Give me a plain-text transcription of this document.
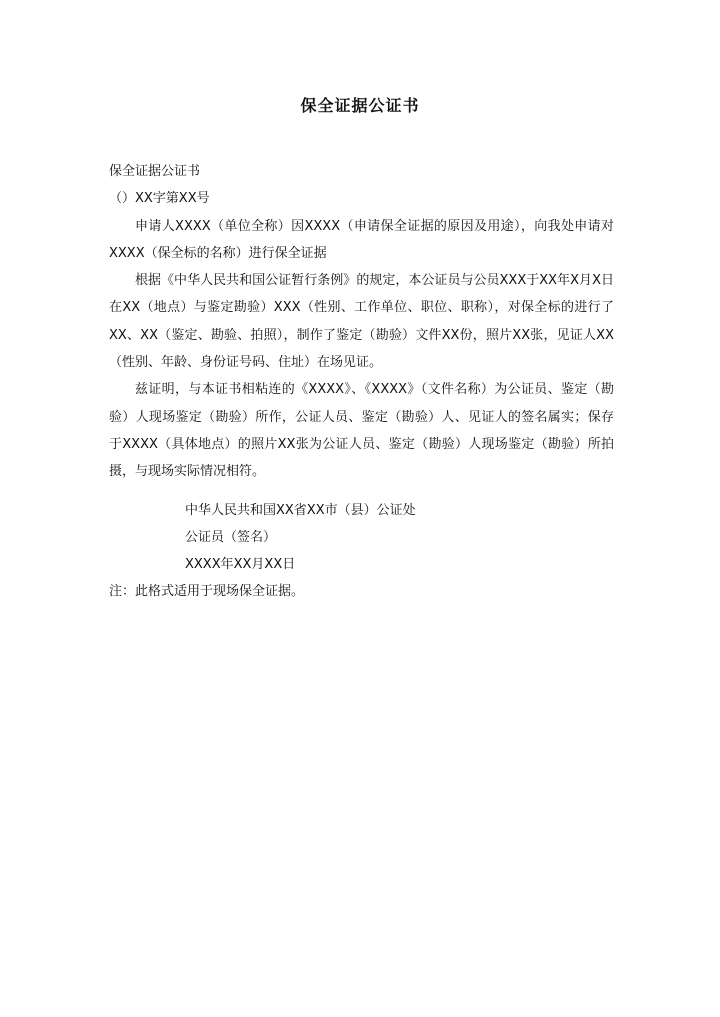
保全证据公证书
保全证据公证书
（）XX字第XX号
申请人XXXX（单位全称）因XXXX（申请保全证据的原因及用途），向我处申请对XXXX（保全标的名称）进行保全证据
根据《中华人民共和国公证暂行条例》的规定，本公证员与公员XXX于XX年X月X日在XX（地点）与鉴定勘验）XXX（性别、工作单位、职位、职称），对保全标的进行了XX、XX（鉴定、勘验、拍照），制作了鉴定（勘验）文件XX份，照片XX张，见证人XX（性别、年龄、身份证号码、住址）在场见证。
兹证明，与本证书相粘连的《XXXX》、《XXXX》（文件名称）为公证员、鉴定（勘验）人现场鉴定（勘验）所作，公证人员、鉴定（勘验）人、见证人的签名属实；保存于XXXX（具体地点）的照片XX张为公证人员、鉴定（勘验）人现场鉴定（勘验）所拍摄，与现场实际情况相符。
中华人民共和国XX省XX市（县）公证处
公证员（签名）
XXXX年XX月XX日
注：此格式适用于现场保全证据。
